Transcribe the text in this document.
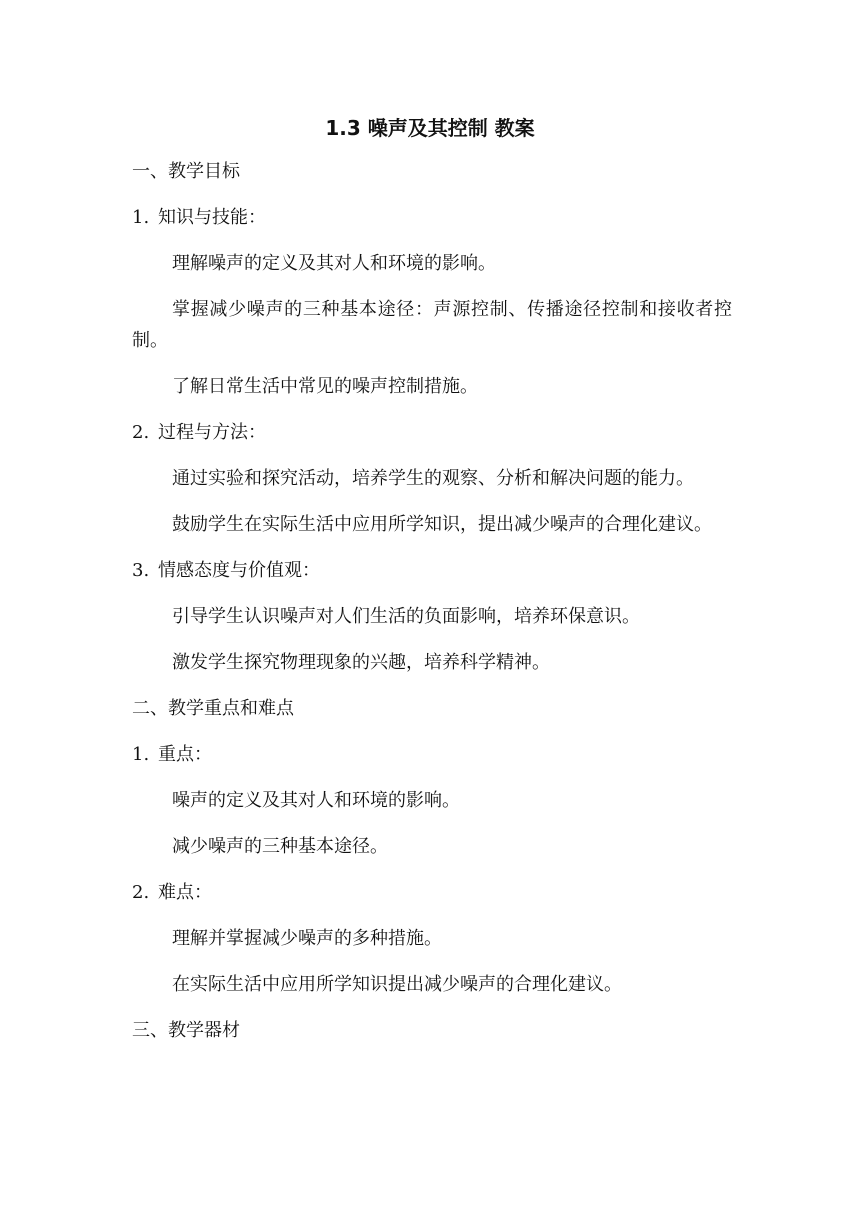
1.3 噪声及其控制 教案
一、教学目标
1. 知识与技能：
理解噪声的定义及其对人和环境的影响。
掌握减少噪声的三种基本途径：声源控制、传播途径控制和接收者控制。
了解日常生活中常见的噪声控制措施。
2. 过程与方法：
通过实验和探究活动，培养学生的观察、分析和解决问题的能力。
鼓励学生在实际生活中应用所学知识，提出减少噪声的合理化建议。
3. 情感态度与价值观：
引导学生认识噪声对人们生活的负面影响，培养环保意识。
激发学生探究物理现象的兴趣，培养科学精神。
二、教学重点和难点
1. 重点：
噪声的定义及其对人和环境的影响。
减少噪声的三种基本途径。
2. 难点：
理解并掌握减少噪声的多种措施。
在实际生活中应用所学知识提出减少噪声的合理化建议。
三、教学器材
